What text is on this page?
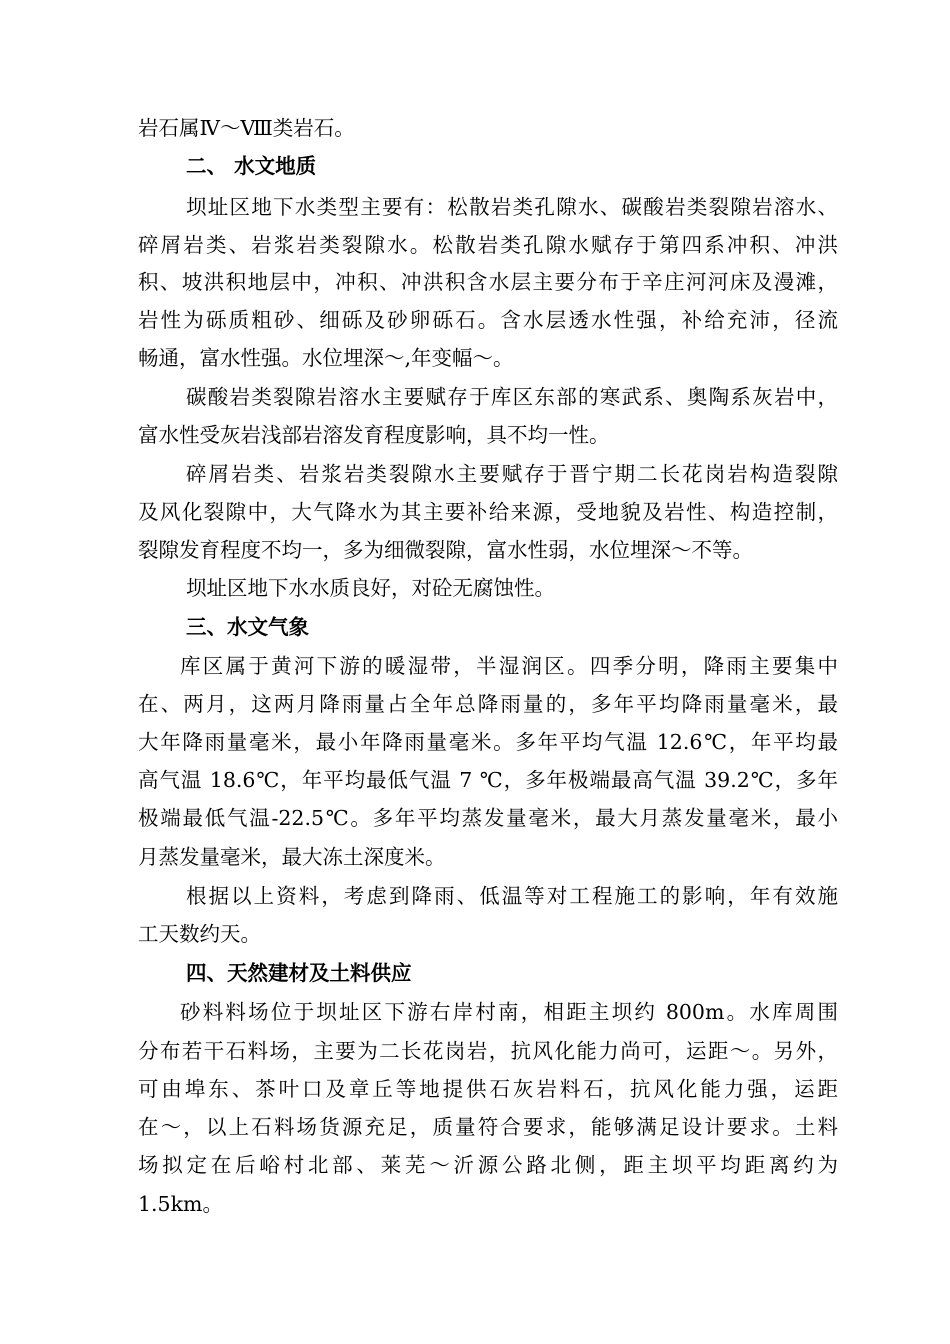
岩石属Ⅳ～Ⅷ类岩石。
二、 水文地质
坝址区地下水类型主要有：松散岩类孔隙水、碳酸岩类裂隙岩溶水、
碎屑岩类、岩浆岩类裂隙水。松散岩类孔隙水赋存于第四系冲积、冲洪
积、坡洪积地层中，冲积、冲洪积含水层主要分布于辛庄河河床及漫滩，
岩性为砾质粗砂、细砾及砂卵砾石。含水层透水性强，补给充沛，径流
畅通，富水性强。水位埋深～,年变幅～。
碳酸岩类裂隙岩溶水主要赋存于库区东部的寒武系、奥陶系灰岩中，
富水性受灰岩浅部岩溶发育程度影响，具不均一性。
碎屑岩类、岩浆岩类裂隙水主要赋存于晋宁期二长花岗岩构造裂隙
及风化裂隙中，大气降水为其主要补给来源，受地貌及岩性、构造控制，
裂隙发育程度不均一，多为细微裂隙，富水性弱，水位埋深～不等。
坝址区地下水水质良好，对砼无腐蚀性。
三、水文气象
库区属于黄河下游的暖湿带，半湿润区。四季分明，降雨主要集中
在、两月，这两月降雨量占全年总降雨量的，多年平均降雨量毫米，最
大年降雨量毫米，最小年降雨量毫米。多年平均气温 12.6℃，年平均最
高气温 18.6℃，年平均最低气温 7 ℃，多年极端最高气温 39.2℃，多年
极端最低气温-22.5℃。多年平均蒸发量毫米，最大月蒸发量毫米，最小
月蒸发量毫米，最大冻土深度米。
根据以上资料，考虑到降雨、低温等对工程施工的影响，年有效施
工天数约天。
四、天然建材及土料供应
砂料料场位于坝址区下游右岸村南，相距主坝约 800m。水库周围
分布若干石料场，主要为二长花岗岩，抗风化能力尚可，运距～。另外，
可由埠东、茶叶口及章丘等地提供石灰岩料石，抗风化能力强，运距
在～，以上石料场货源充足，质量符合要求，能够满足设计要求。土料
场拟定在后峪村北部、莱芜～沂源公路北侧，距主坝平均距离约为
1.5km。
